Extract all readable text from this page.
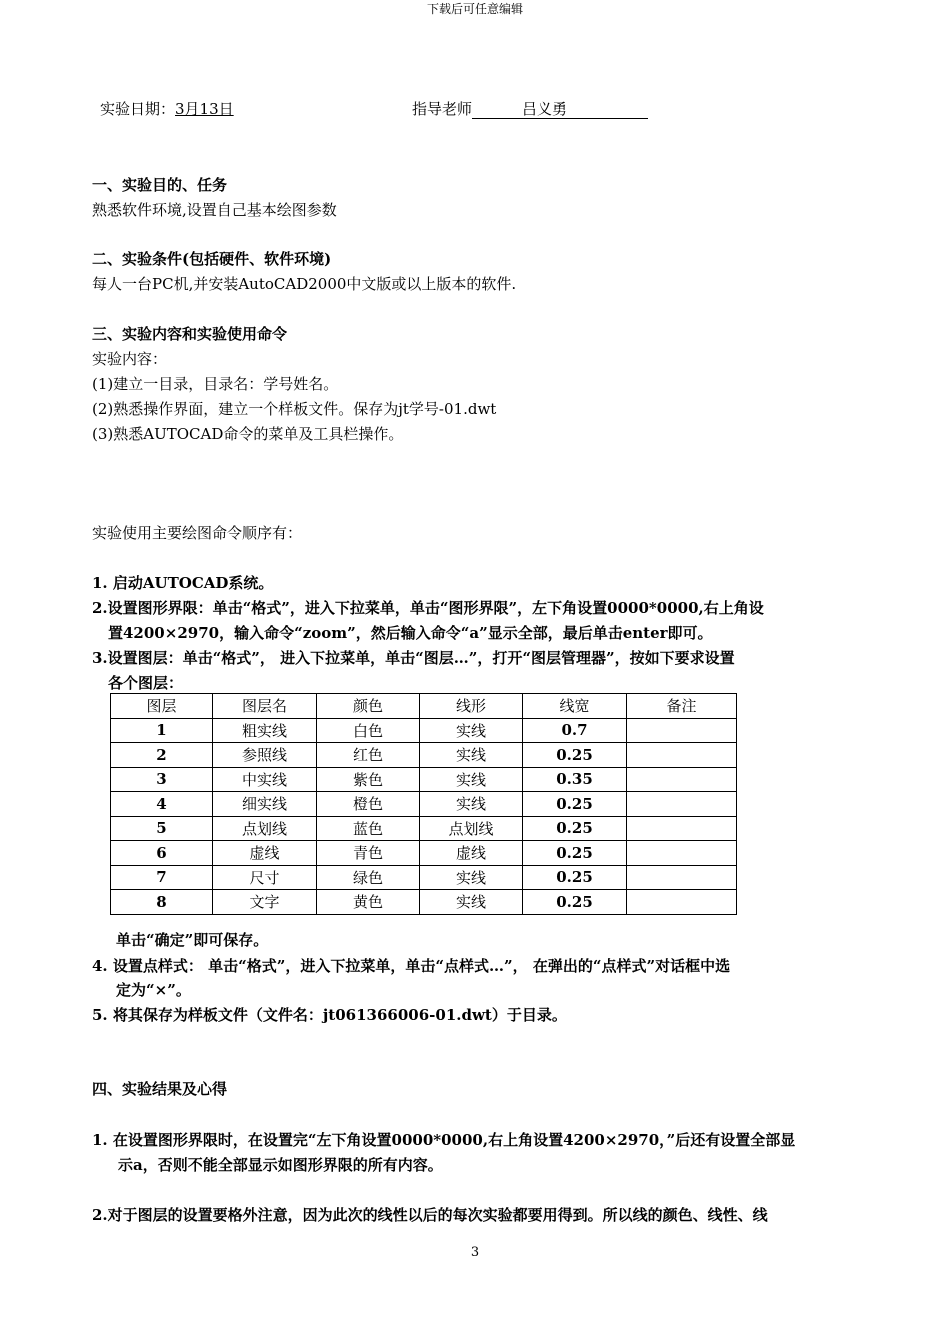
下载后可任意编辑
实验日期：3月13日	指导老师	吕义勇
一、实验目的、任务
熟悉软件环境,设置自己基本绘图参数
二、实验条件(包括硬件、软件环境)
每人一台PC机,并安装AutoCAD2000中文版或以上版本的软件.
三、实验内容和实验使用命令
实验内容：
(1)建立一目录，目录名：学号姓名。
(2)熟悉操作界面，建立一个样板文件。保存为jt学号-01.dwt
(3)熟悉AUTOCAD命令的菜单及工具栏操作。
实验使用主要绘图命令顺序有：
1. 启动AUTOCAD系统。
2.设置图形界限：单击“格式”，进入下拉菜单，单击“图形界限”，左下角设置0000*0000,右上角设
置4200×2970，输入命令“zoom”，然后输入命令“a”显示全部，最后单击enter即可。
3.设置图层：单击“格式”， 进入下拉菜单，单击“图层…”，打开“图层管理器”，按如下要求设置
各个图层：
图层	图层名	颜色	线形	线宽	备注
1	粗实线	白色	实线	0.7	
2	参照线	红色	实线	0.25	
3	中实线	紫色	实线	0.35	
4	细实线	橙色	实线	0.25	
5	点划线	蓝色	点划线	0.25	
6	虚线	青色	虚线	0.25	
7	尺寸	绿色	实线	0.25	
8	文字	黄色	实线	0.25	
单击“确定”即可保存。
4. 设置点样式： 单击“格式”，进入下拉菜单，单击“点样式…”， 在弹出的“点样式”对话框中选
定为“×”。
5. 将其保存为样板文件（文件名：jt061366006-01.dwt）于目录。
四、实验结果及心得
1. 在设置图形界限时，在设置完“左下角设置0000*0000,右上角设置4200×2970，”后还有设置全部显
示a，否则不能全部显示如图形界限的所有内容。
2.对于图层的设置要格外注意，因为此次的线性以后的每次实验都要用得到。所以线的颜色、线性、线
3
